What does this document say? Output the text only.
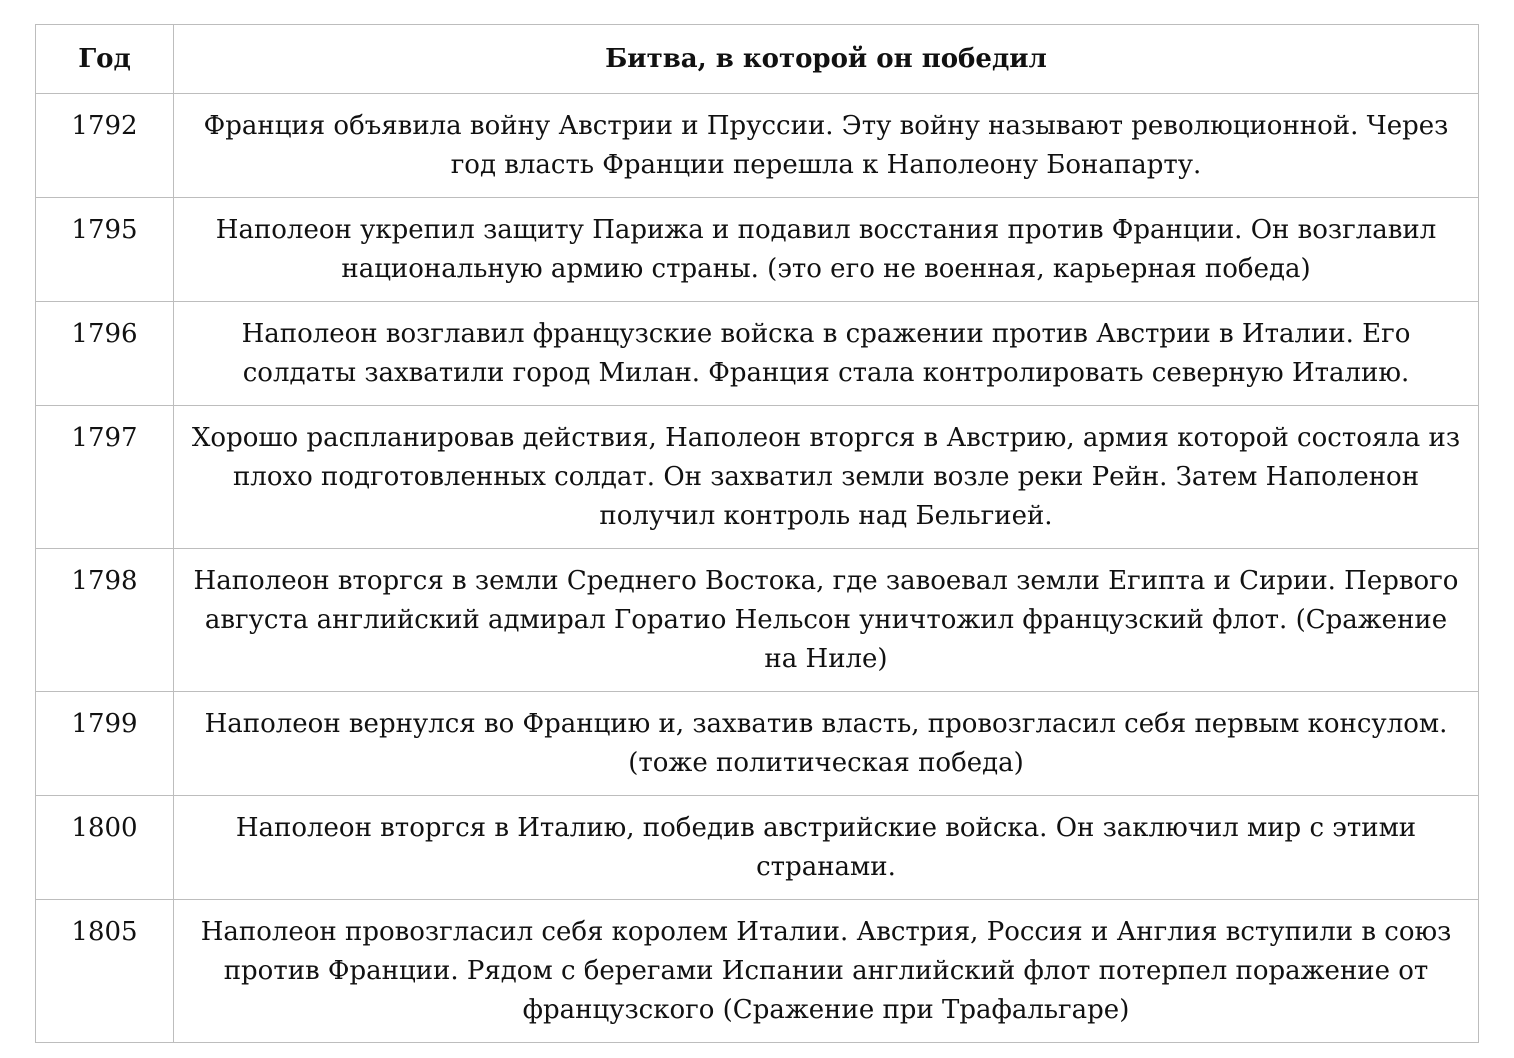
Год	Битва, в которой он победил
1792	Франция объявила войну Австрии и Пруссии. Эту войну называют революционной. Через год власть Франции перешла к Наполеону Бонапарту.
1795	Наполеон укрепил защиту Парижа и подавил восстания против Франции. Он возглавил национальную армию страны. (это его не военная, карьерная победа)
1796	Наполеон возглавил французские войска в сражении против Австрии в Италии. Его солдаты захватили город Милан. Франция стала контролировать северную Италию.
1797	Хорошо распланировав действия, Наполеон вторгся в Австрию, армия которой состояла из плохо подготовленных солдат. Он захватил земли возле реки Рейн. Затем Наполенон получил контроль над Бельгией.
1798	Наполеон вторгся в земли Среднего Востока, где завоевал земли Египта и Сирии. Первого августа английский адмирал Горатио Нельсон уничтожил французский флот. (Сражение на Ниле)
1799	Наполеон вернулся во Францию и, захватив власть, провозгласил себя первым консулом. (тоже политическая победа)
1800	Наполеон вторгся в Италию, победив австрийские войска. Он заключил мир с этими странами.
1805	Наполеон провозгласил себя королем Италии. Австрия, Россия и Англия вступили в союз против Франции. Рядом с берегами Испании английский флот потерпел поражение от французского (Сражение при Трафальгаре)
